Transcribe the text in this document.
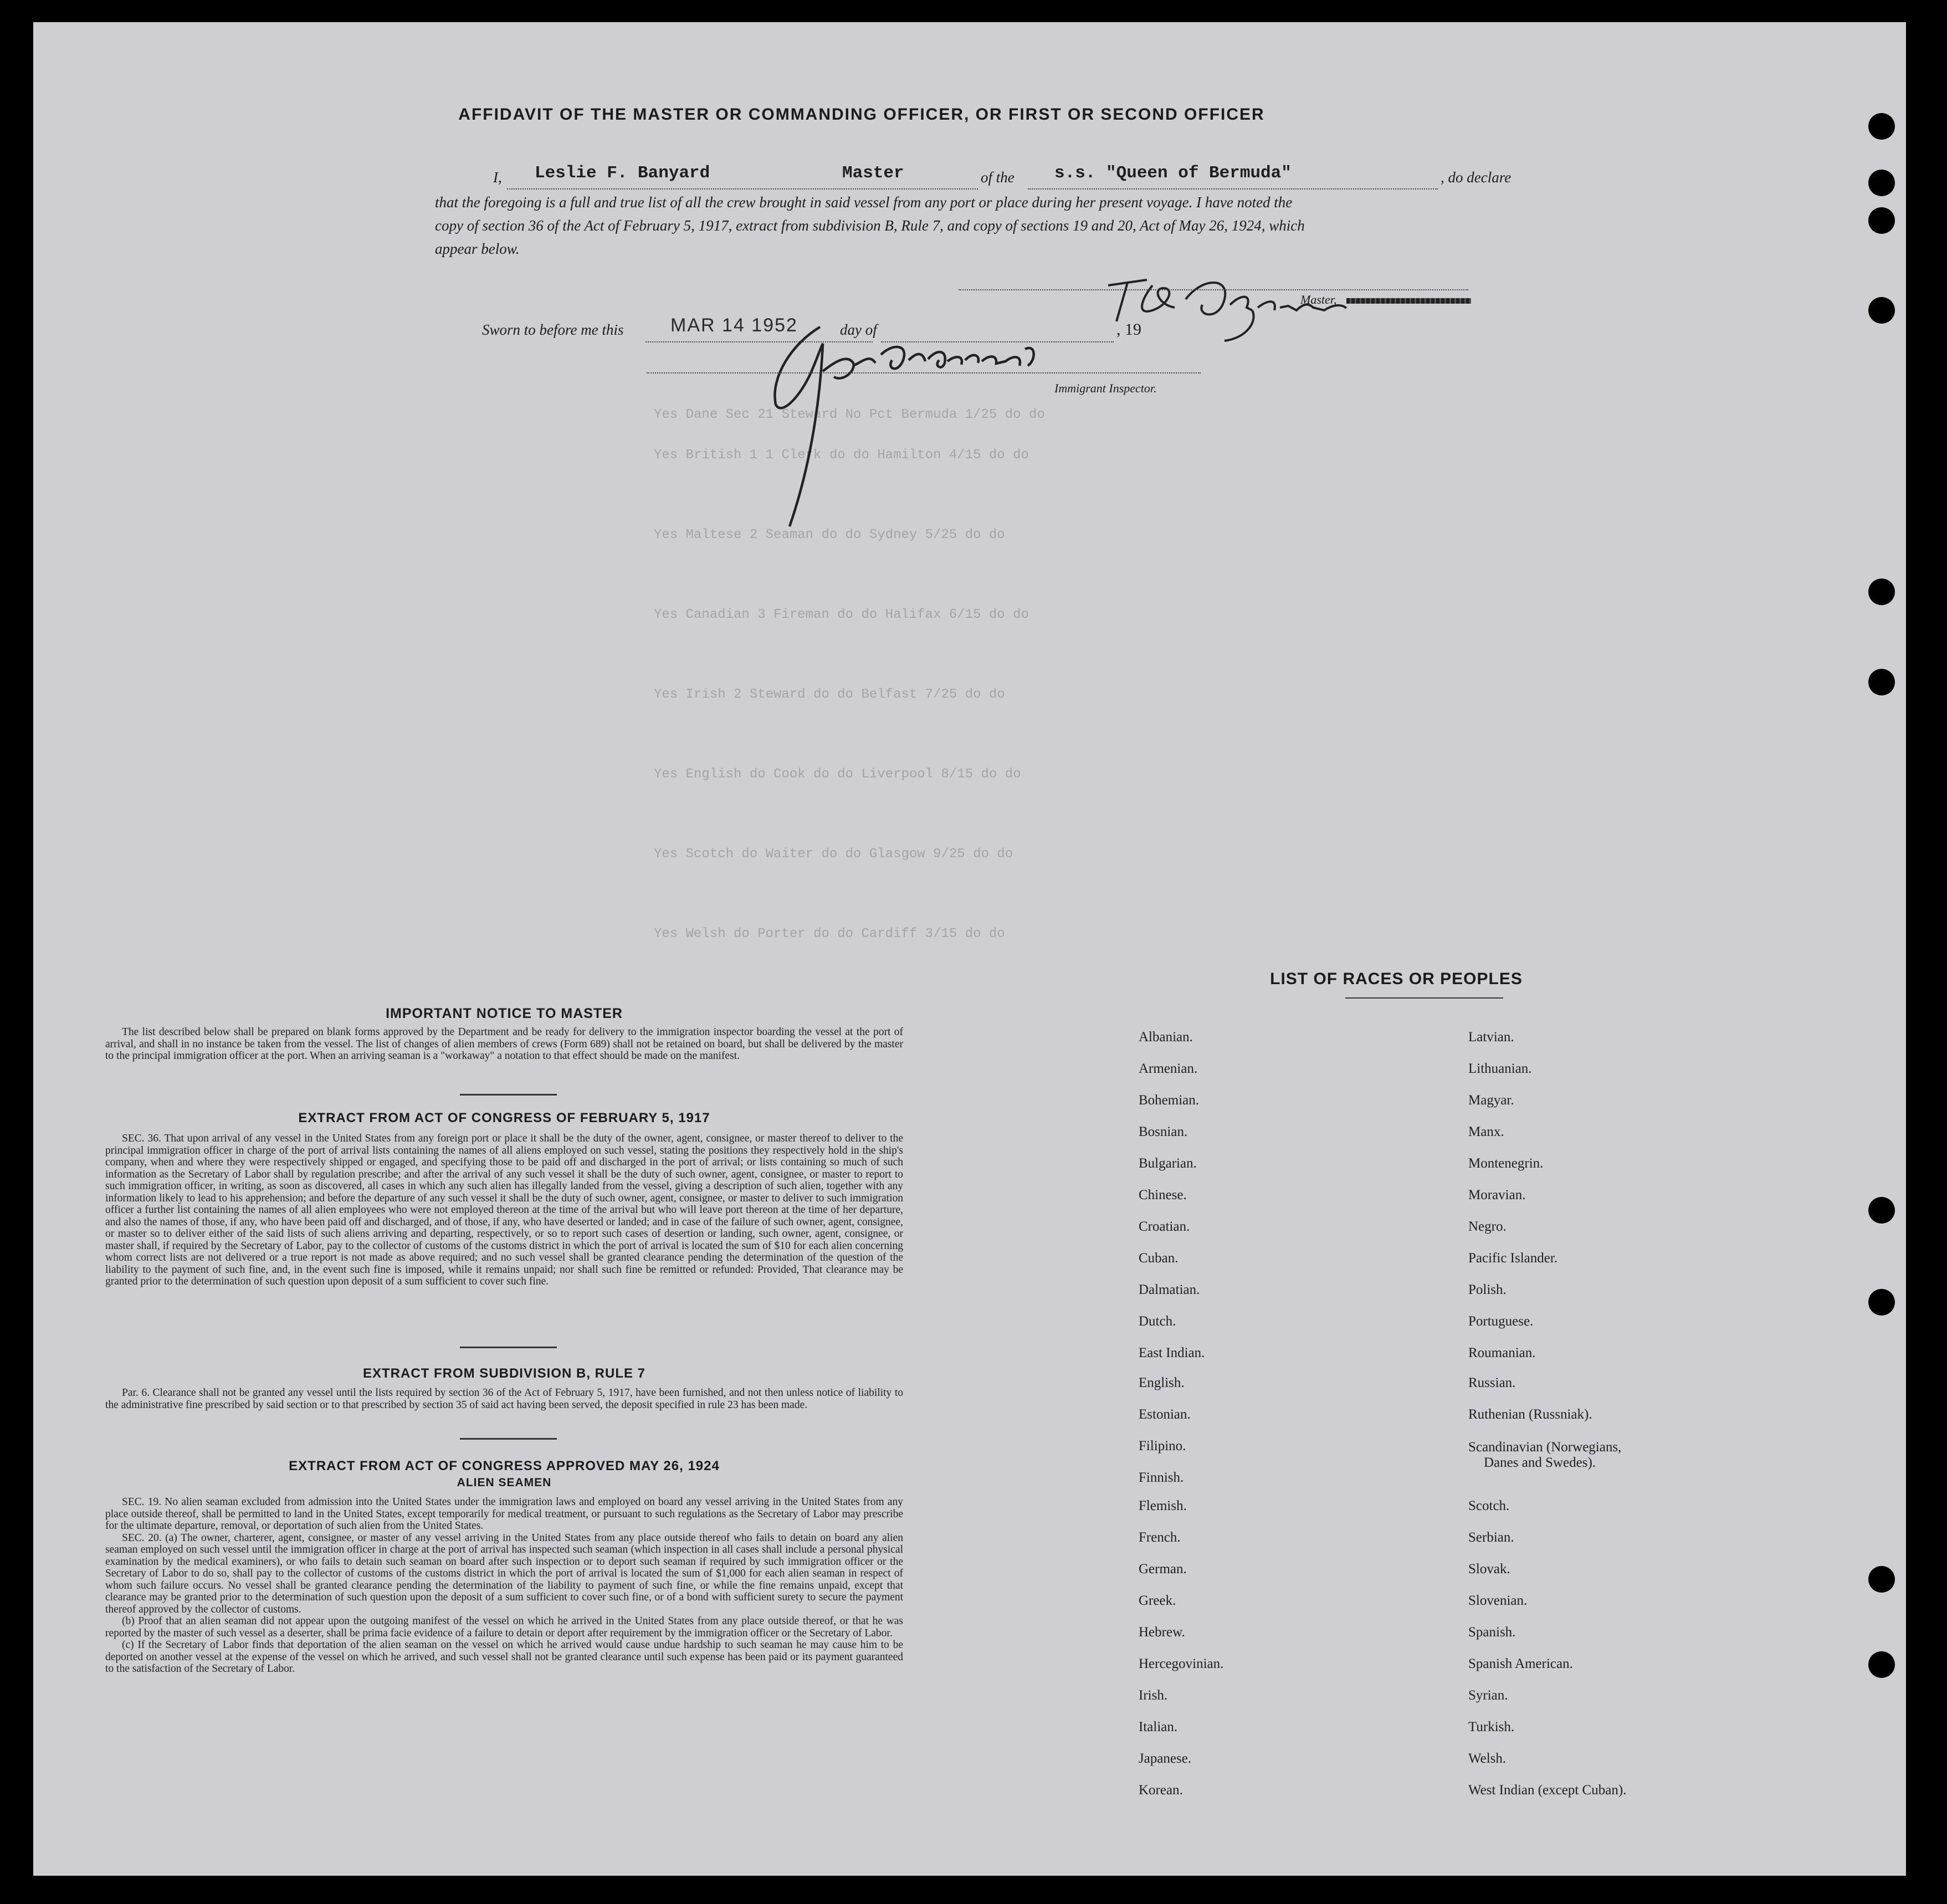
Yes Dane Sec 21 Steward No Pct Bermuda 1/25 do do
Yes British 1 1 Clerk do do Hamilton 4/15 do do
Yes Maltese 2 Seaman do do Sydney 5/25 do do
Yes Canadian 3 Fireman do do Halifax 6/15 do do
Yes Irish 2 Steward do do Belfast 7/25 do do
Yes English do Cook do do Liverpool 8/15 do do
Yes Scotch do Waiter do do Glasgow 9/25 do do
Yes Welsh do Porter do do Cardiff 3/15 do do
AFFIDAVIT OF THE MASTER OR COMMANDING OFFICER, OR FIRST OR SECOND OFFICER
I, Leslie F. Banyard	Master	of the s.s. "Queen of Bermuda"	, do declare
that the foregoing is a full and true list of all the crew brought in said vessel from any port or place during her present voyage. I have noted the
copy of section 36 of the Act of February 5, 1917, extract from subdivision B, Rule 7, and copy of sections 19 and 20, Act of May 26, 1924, which
appear below.
Master,
Sworn to before me this MAR 14 1952	day of	, 19
Immigrant Inspector.
IMPORTANT NOTICE TO MASTER
The list described below shall be prepared on blank forms approved by the Department and be ready for delivery to the immigration inspector boarding the vessel at the port of arrival, and shall in no instance be taken from the vessel. The list of changes of alien members of crews (Form 689) shall not be retained on board, but shall be delivered by the master to the principal immigration officer at the port. When an arriving seaman is a "workaway" a notation to that effect should be made on the manifest.
EXTRACT FROM ACT OF CONGRESS OF FEBRUARY 5, 1917
SEC. 36. That upon arrival of any vessel in the United States from any foreign port or place it shall be the duty of the owner, agent, consignee, or master thereof to deliver to the principal immigration officer in charge of the port of arrival lists containing the names of all aliens employed on such vessel, stating the positions they respectively hold in the ship's company, when and where they were respectively shipped or engaged, and specifying those to be paid off and discharged in the port of arrival; or lists containing so much of such information as the Secretary of Labor shall by regulation prescribe; and after the arrival of any such vessel it shall be the duty of such owner, agent, consignee, or master to report to such immigration officer, in writing, as soon as discovered, all cases in which any such alien has illegally landed from the vessel, giving a description of such alien, together with any information likely to lead to his apprehension; and before the departure of any such vessel it shall be the duty of such owner, agent, consignee, or master to deliver to such immigration officer a further list containing the names of all alien employees who were not employed thereon at the time of the arrival but who will leave port thereon at the time of her departure, and also the names of those, if any, who have been paid off and discharged, and of those, if any, who have deserted or landed; and in case of the failure of such owner, agent, consignee, or master so to deliver either of the said lists of such aliens arriving and departing, respectively, or so to report such cases of desertion or landing, such owner, agent, consignee, or master shall, if required by the Secretary of Labor, pay to the collector of customs of the customs district in which the port of arrival is located the sum of $10 for each alien concerning whom correct lists are not delivered or a true report is not made as above required; and no such vessel shall be granted clearance pending the determination of the question of the liability to the payment of such fine, and, in the event such fine is imposed, while it remains unpaid; nor shall such fine be remitted or refunded: Provided, That clearance may be granted prior to the determination of such question upon deposit of a sum sufficient to cover such fine.
EXTRACT FROM SUBDIVISION B, RULE 7
Par. 6. Clearance shall not be granted any vessel until the lists required by section 36 of the Act of February 5, 1917, have been furnished, and not then unless notice of liability to the administrative fine prescribed by said section or to that prescribed by section 35 of said act having been served, the deposit specified in rule 23 has been made.
EXTRACT FROM ACT OF CONGRESS APPROVED MAY 26, 1924
ALIEN SEAMEN
SEC. 19. No alien seaman excluded from admission into the United States under the immigration laws and employed on board any vessel arriving in the United States from any place outside thereof, shall be permitted to land in the United States, except temporarily for medical treatment, or pursuant to such regulations as the Secretary of Labor may prescribe for the ultimate departure, removal, or deportation of such alien from the United States.
SEC. 20. (a) The owner, charterer, agent, consignee, or master of any vessel arriving in the United States from any place outside thereof who fails to detain on board any alien seaman employed on such vessel until the immigration officer in charge at the port of arrival has inspected such seaman (which inspection in all cases shall include a personal physical examination by the medical examiners), or who fails to detain such seaman on board after such inspection or to deport such seaman if required by such immigration officer or the Secretary of Labor to do so, shall pay to the collector of customs of the customs district in which the port of arrival is located the sum of $1,000 for each alien seaman in respect of whom such failure occurs. No vessel shall be granted clearance pending the determination of the liability to payment of such fine, or while the fine remains unpaid, except that clearance may be granted prior to the determination of such question upon the deposit of a sum sufficient to cover such fine, or of a bond with sufficient surety to secure the payment thereof approved by the collector of customs.
(b) Proof that an alien seaman did not appear upon the outgoing manifest of the vessel on which he arrived in the United States from any place outside thereof, or that he was reported by the master of such vessel as a deserter, shall be prima facie evidence of a failure to detain or deport after requirement by the immigration officer or the Secretary of Labor.
(c) If the Secretary of Labor finds that deportation of the alien seaman on the vessel on which he arrived would cause undue hardship to such seaman he may cause him to be deported on another vessel at the expense of the vessel on which he arrived, and such vessel shall not be granted clearance until such expense has been paid or its payment guaranteed to the satisfaction of the Secretary of Labor.
LIST OF RACES OR PEOPLES
Albanian.
Armenian.
Bohemian.
Bosnian.
Bulgarian.
Chinese.
Croatian.
Cuban.
Dalmatian.
Dutch.
East Indian.
English.
Estonian.
Filipino.
Finnish.
Flemish.
French.
German.
Greek.
Hebrew.
Hercegovinian.
Irish.
Italian.
Japanese.
Korean.
Latvian.
Lithuanian.
Magyar.
Manx.
Montenegrin.
Moravian.
Negro.
Pacific Islander.
Polish.
Portuguese.
Roumanian.
Russian.
Ruthenian (Russniak).
Scandinavian (Norwegians,
Danes and Swedes).
Scotch.
Serbian.
Slovak.
Slovenian.
Spanish.
Spanish American.
Syrian.
Turkish.
Welsh.
West Indian (except Cuban).
